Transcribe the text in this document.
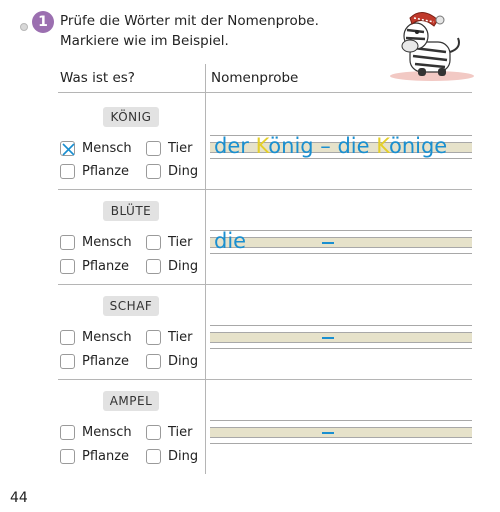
1 Prüfe die Wörter mit der Nomenprobe.
Markiere wie im Beispiel.
Was ist es?	Nomenprobe
KÖNIG
Mensch	Tier
Pflanze	Ding
der König – die Könige
BLÜTE
Mensch	Tier
Pflanze	Ding
die
SCHAF
Mensch	Tier
Pflanze	Ding
AMPEL
Mensch	Tier
Pflanze	Ding
44
